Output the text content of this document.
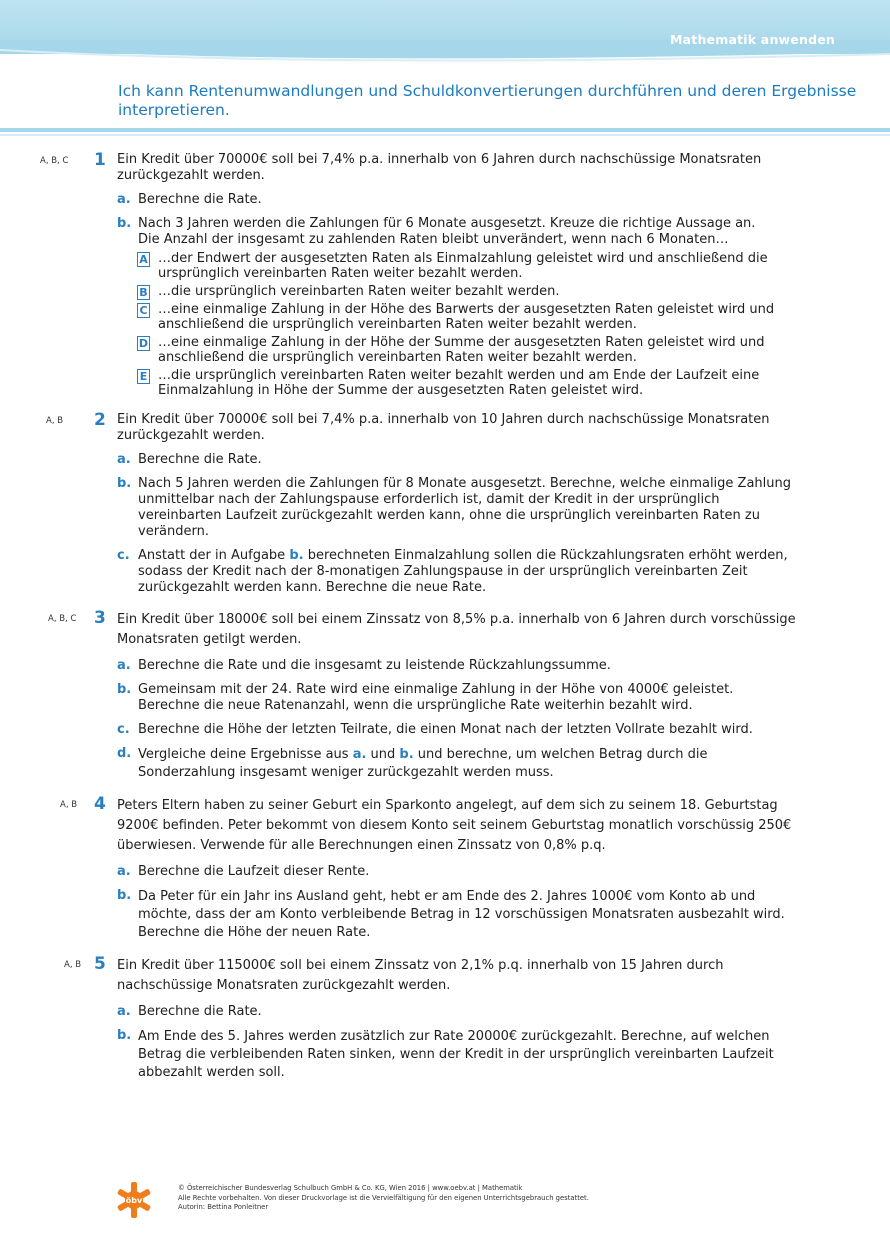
Mathematik anwenden
Ich kann Rentenumwandlungen und Schuldkonvertierungen durchführen und deren Ergebnisse interpretieren.
A, B, C 1 Ein Kredit über 70000€ soll bei 7,4% p.a. innerhalb von 6 Jahren durch nachschüssige Monatsraten zurückgezahlt werden.
a. Berechne die Rate.
b. Nach 3 Jahren werden die Zahlungen für 6 Monate ausgesetzt. Kreuze die richtige Aussage an.
Die Anzahl der insgesamt zu zahlenden Raten bleibt unverändert, wenn nach 6 Monaten…
A …der Endwert der ausgesetzten Raten als Einmalzahlung geleistet wird und anschließend die ursprünglich vereinbarten Raten weiter bezahlt werden.
B …die ursprünglich vereinbarten Raten weiter bezahlt werden.
C …eine einmalige Zahlung in der Höhe des Barwerts der ausgesetzten Raten geleistet wird und anschließend die ursprünglich vereinbarten Raten weiter bezahlt werden.
D …eine einmalige Zahlung in der Höhe der Summe der ausgesetzten Raten geleistet wird und anschließend die ursprünglich vereinbarten Raten weiter bezahlt werden.
E …die ursprünglich vereinbarten Raten weiter bezahlt werden und am Ende der Laufzeit eine Einmalzahlung in Höhe der Summe der ausgesetzten Raten geleistet wird.
A, B 2 Ein Kredit über 70000€ soll bei 7,4% p.a. innerhalb von 10 Jahren durch nachschüssige Monatsraten zurückgezahlt werden.
a. Berechne die Rate.
b. Nach 5 Jahren werden die Zahlungen für 8 Monate ausgesetzt. Berechne, welche einmalige Zahlung unmittelbar nach der Zahlungspause erforderlich ist, damit der Kredit in der ursprünglich vereinbarten Laufzeit zurückgezahlt werden kann, ohne die ursprünglich vereinbarten Raten zu verändern.
c. Anstatt der in Aufgabe b. berechneten Einmalzahlung sollen die Rückzahlungsraten erhöht werden, sodass der Kredit nach der 8-monatigen Zahlungspause in der ursprünglich vereinbarten Zeit zurückgezahlt werden kann. Berechne die neue Rate.
A, B, C 3 Ein Kredit über 18000€ soll bei einem Zinssatz von 8,5% p.a. innerhalb von 6 Jahren durch vorschüssige Monatsraten getilgt werden.
a. Berechne die Rate und die insgesamt zu leistende Rückzahlungssumme.
b. Gemeinsam mit der 24. Rate wird eine einmalige Zahlung in der Höhe von 4000€ geleistet. Berechne die neue Ratenanzahl, wenn die ursprüngliche Rate weiterhin bezahlt wird.
c. Berechne die Höhe der letzten Teilrate, die einen Monat nach der letzten Vollrate bezahlt wird.
d. Vergleiche deine Ergebnisse aus a. und b. und berechne, um welchen Betrag durch die Sonderzahlung insgesamt weniger zurückgezahlt werden muss.
A, B 4 Peters Eltern haben zu seiner Geburt ein Sparkonto angelegt, auf dem sich zu seinem 18. Geburtstag 9200€ befinden. Peter bekommt von diesem Konto seit seinem Geburtstag monatlich vorschüssig 250€ überwiesen. Verwende für alle Berechnungen einen Zinssatz von 0,8% p.q.
a. Berechne die Laufzeit dieser Rente.
b. Da Peter für ein Jahr ins Ausland geht, hebt er am Ende des 2. Jahres 1000€ vom Konto ab und möchte, dass der am Konto verbleibende Betrag in 12 vorschüssigen Monatsraten ausbezahlt wird. Berechne die Höhe der neuen Rate.
A, B 5 Ein Kredit über 115000€ soll bei einem Zinssatz von 2,1% p.q. innerhalb von 15 Jahren durch nachschüssige Monatsraten zurückgezahlt werden.
a. Berechne die Rate.
b. Am Ende des 5. Jahres werden zusätzlich zur Rate 20000€ zurückgezahlt. Berechne, auf welchen Betrag die verbleibenden Raten sinken, wenn der Kredit in der ursprünglich vereinbarten Laufzeit abbezahlt werden soll.
öbv
© Österreichischer Bundesverlag Schulbuch GmbH & Co. KG, Wien 2016 | www.oebv.at | Mathematik
Alle Rechte vorbehalten. Von dieser Druckvorlage ist die Vervielfältigung für den eigenen Unterrichtsgebrauch gestattet.
Autorin: Bettina Ponleitner
